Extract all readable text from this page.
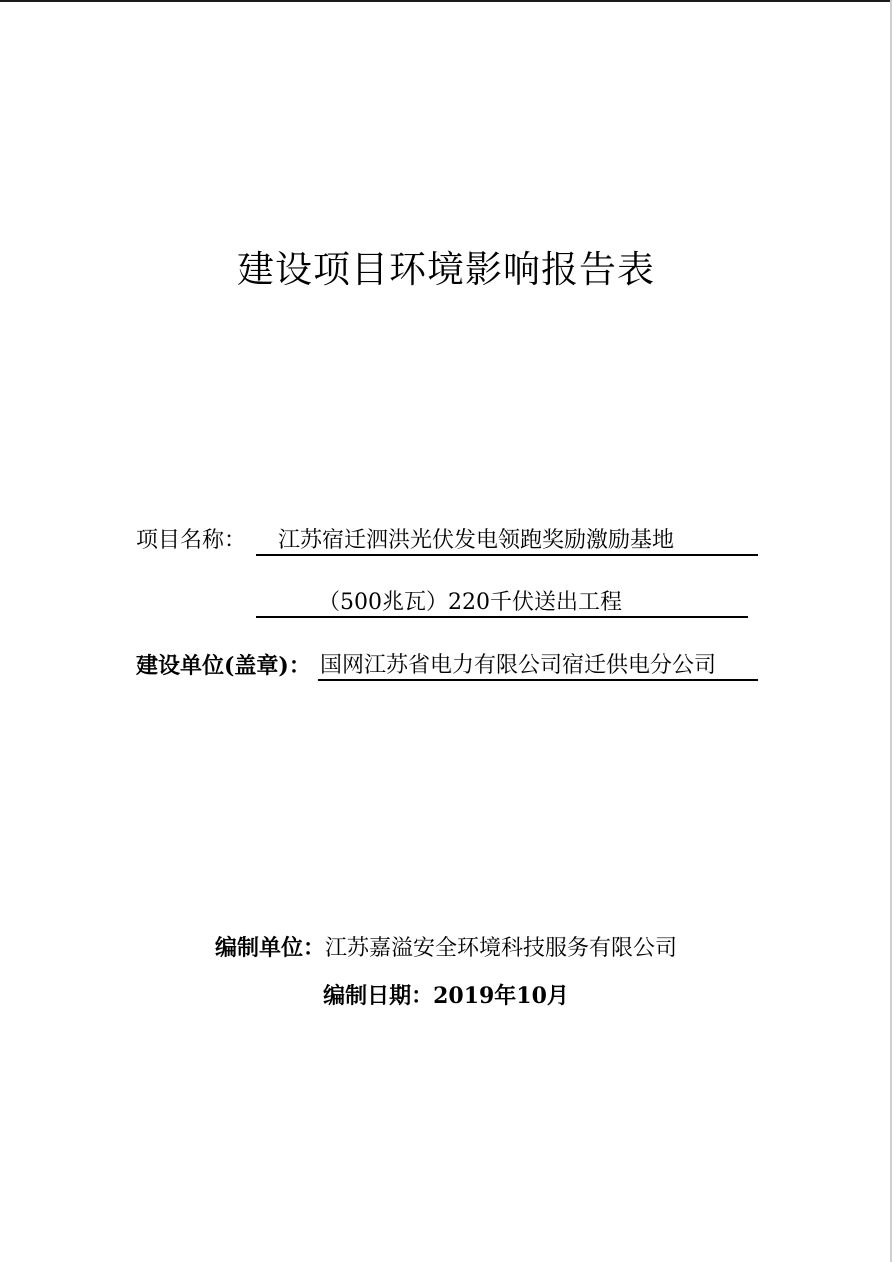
建设项目环境影响报告表
项目名称： 江苏宿迁泗洪光伏发电领跑奖励激励基地
（500兆瓦）220千伏送出工程
建设单位(盖章)： 国网江苏省电力有限公司宿迁供电分公司
编制单位：江苏嘉溢安全环境科技服务有限公司
编制日期：2019年10月
